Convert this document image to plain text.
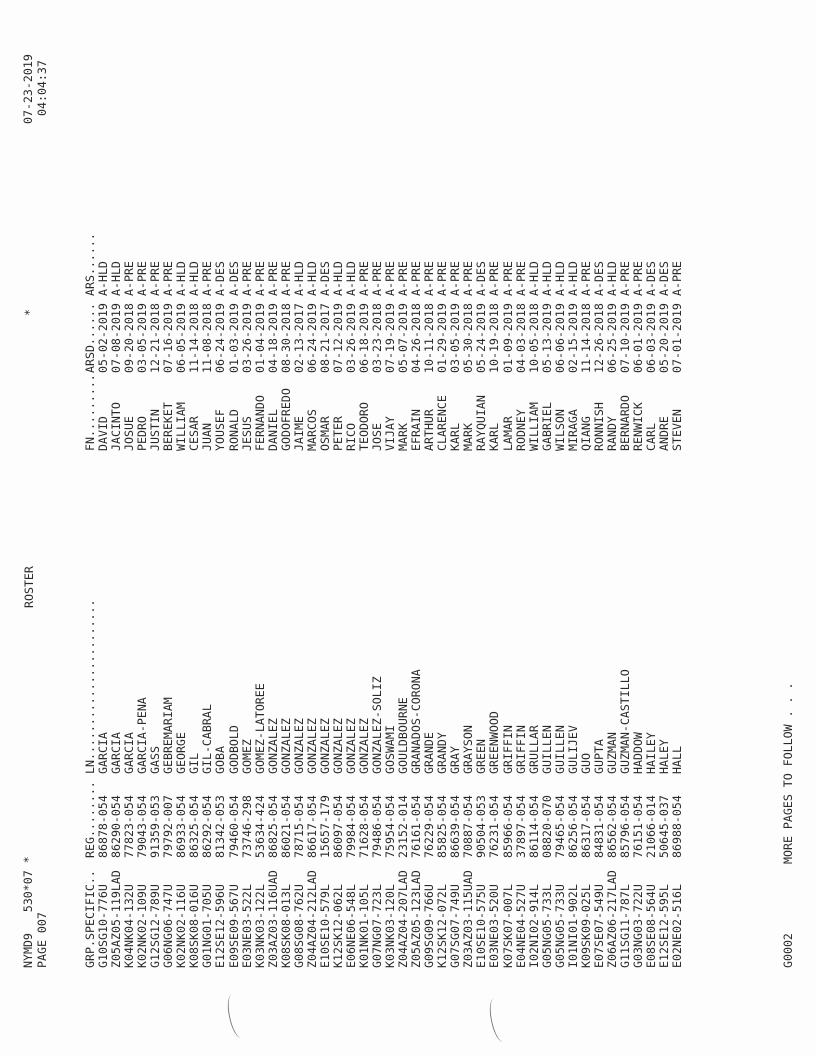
NYMD9   530*07 * PAGE 007
ROSTER
*
07-23-2019 04:04:37

GRP.

SPECIFIC..

REG........

LN.......................

FN.........

ARSD......

ARS......

G10S
G10-776U
86878-054
GARCIA
DAVID
05-02-2019
A-HLD
Z05A
Z05-119LAD
86290-054
GARCIA
JACINTO
07-08-2019
A-HLD
K04N
K04-132U
77823-054
GARCIA
JOSUE
09-20-2018
A-PRE
K02N
K02-109U
79043-054
GARCIA-PENA
PEDRO
03-05-2019
A-PRE
G12S
G12-789U
91359-053
GASS
JUSTIN
12-21-2018
A-PRE
G06N
G06-747U
79792-007
GEBREMARIAM
BEREKET
07-16-2019
A-PRE
K02N
K02-116U
86933-054
GEORGE
WILLIAM
06-05-2019
A-HLD
K08S
K08-016U
86325-054
GIL
CESAR
11-14-2018
A-HLD
G01N
G01-705U
86292-054
GIL-CABRAL
JUAN
11-08-2018
A-PRE
E12S
E12-596U
81342-053
GOBA
YOUSEF
06-24-2019
A-DES
E09S
E09-567U
79460-054
GODBOLD
RONALD
01-03-2019
A-DES
E03N
E03-522L
73746-298
GOMEZ
JESUS
03-26-2019
A-PRE
K03N
K03-122L
53634-424
GOMEZ-LATOREE
FERNANDO
01-04-2019
A-PRE
Z03A
Z03-116UAD
86825-054
GONZALEZ
DANIEL
04-18-2019
A-PRE
K08S
K08-013L
86021-054
GONZALEZ
GODOFREDO
08-30-2018
A-PRE
G08S
G08-762U
78715-054
GONZALEZ
JAIME
02-13-2017
A-HLD
Z04A
Z04-212LAD
86617-054
GONZALEZ
MARCOS
06-24-2019
A-HLD
E10S
E10-579L
15657-179
GONZALEZ
OSMAR
08-21-2017
A-DES
K12S
K12-062L
86097-054
GONZALEZ
PETER
07-12-2019
A-HLD
E06N
E06-548L
79984-054
GONZALEZ
RICO
03-26-2019
A-HLD
K01N
K01-105L
71628-054
GONZALEZ
TEODORO
06-18-2019
A-PRE
G07N
G07-723L
79486-054
GONZALEZ-SOLIZ
JOSE
03-23-2018
A-PRE
K03N
K03-120L
75954-054
GOSWAMI
VIJAY
07-19-2019
A-PRE
Z04A
Z04-207LAD
23152-014
GOULDBOURNE
MARK
05-07-2019
A-PRE
Z05A
Z05-123LAD
76161-054
GRANADOS-CORONA
EFRAIN
04-26-2018
A-PRE
G09S
G09-766U
76229-054
GRANDE
ARTHUR
10-11-2018
A-PRE
K12S
K12-072L
85825-054
GRANDY
CLARENCE
01-29-2019
A-PRE
G07S
G07-749U
86639-054
GRAY
KARL
03-05-2019
A-PRE
Z03A
Z03-115UAD
70887-054
GRAYSON
MARK
05-30-2018
A-PRE
E10S
E10-575U
90504-053
GREEN
RAYQUIAN
05-24-2019
A-DES
E03N
E03-520U
76231-054
GREENWOOD
KARL
10-19-2018
A-PRE
K07S
K07-007L
85966-054
GRIFFIN
LAMAR
01-09-2019
A-PRE
E04N
E04-527U
37897-054
GRIFFIN
RODNEY
04-03-2018
A-PRE
I02N
I02-914L
86114-054
GRULLAR
WILLIAM
10-05-2018
A-HLD
G05N
G05-733L
08820-070
GUILLEN
GABRIEL
05-13-2019
A-HLD
G05N
G05-733U
79465-054
GUILLEN
WILSON
06-06-2019
A-HLD
I01N
I01-902L
86256-054
GULIJEV
MIRAGA
02-15-2019
A-HLD
K09S
K09-025L
86317-054
GUO
QIANG
11-14-2018
A-PRE
E07S
E07-549U
84831-054
GUPTA
RONNISH
12-26-2018
A-DES
Z06A
Z06-217LAD
86562-054
GUZMAN
RANDY
06-25-2019
A-HLD
G11S
G11-787L
85796-054
GUZMAN-CASTILLO
BERNARDO
07-10-2019
A-PRE
G03N
G03-722U
76151-054
HADDOW
RENWICK
06-01-2019
A-PRE
E08S
E08-564U
21066-014
HAILEY
CARL
06-03-2019
A-DES
E12S
E12-595L
50645-037
HALEY
ANDRE
05-20-2019
A-DES
E02N
E02-516L
86988-054
HALL
STEVEN
07-01-2019
A-PRE
G0002
MORE PAGES TO FOLLOW . . .
